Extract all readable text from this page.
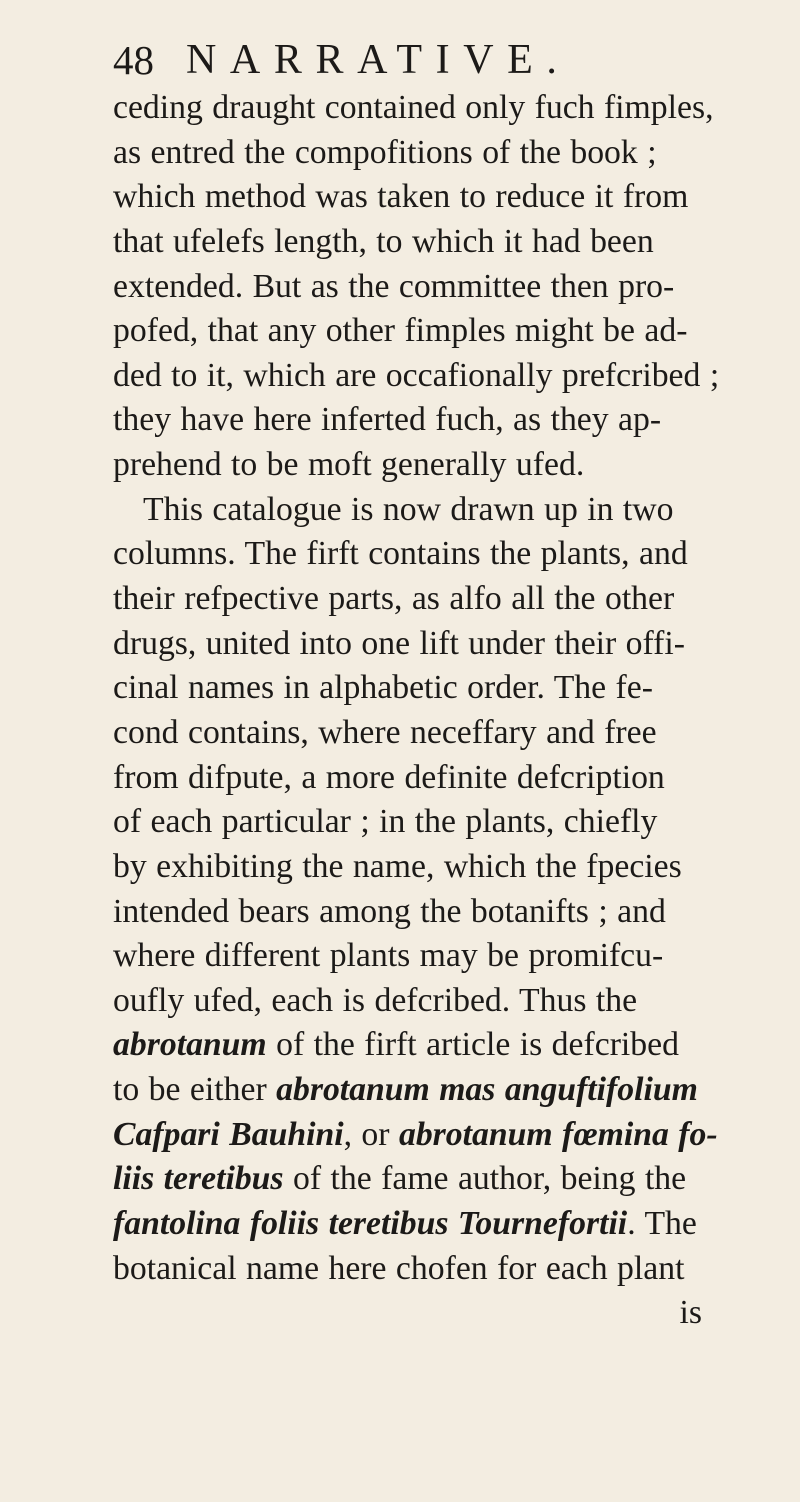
48 NARRATIVE.
ceding draught contained only fuch fimples,
as entred the compofitions of the book ;
which method was taken to reduce it from
that ufelefs length, to which it had been
extended. But as the committee then pro-
pofed, that any other fimples might be ad-
ded to it, which are occafionally prefcribed ;
they have here inferted fuch, as they ap-
prehend to be moft generally ufed.
This catalogue is now drawn up in two
columns. The firft contains the plants, and
their refpective parts, as alfo all the other
drugs, united into one lift under their offi-
cinal names in alphabetic order. The fe-
cond contains, where neceffary and free
from difpute, a more definite defcription
of each particular ; in the plants, chiefly
by exhibiting the name, which the fpecies
intended bears among the botanifts ; and
where different plants may be promifcu-
oufly ufed, each is defcribed. Thus the
abrotanum of the firft article is defcribed
to be either abrotanum mas anguftifolium
Cafpari Bauhini, or abrotanum fœmina fo-
liis teretibus of the fame author, being the
fantolina foliis teretibus Tournefortii. The
botanical name here chofen for each plant
is
